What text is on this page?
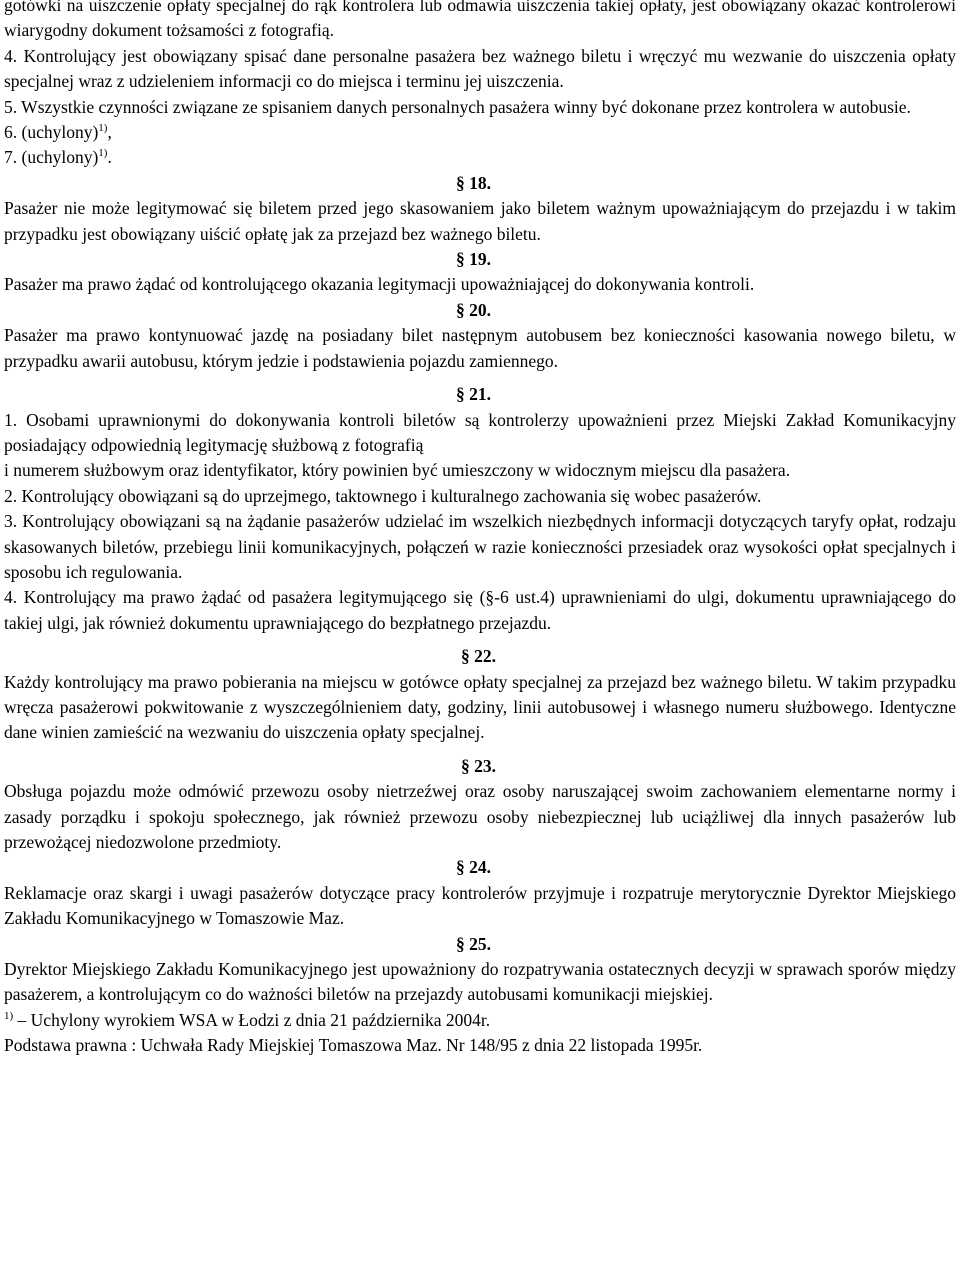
gotówki na uiszczenie opłaty specjalnej do rąk kontrolera lub odmawia uiszczenia takiej opłaty, jest obowiązany okazać kontrolerowi wiarygodny dokument tożsamości z fotografią.

4. Kontrolujący jest obowiązany spisać dane personalne pasażera bez ważnego biletu i wręczyć mu wezwanie do uiszczenia opłaty specjalnej wraz z udzieleniem informacji co do miejsca i terminu jej uiszczenia.

5. Wszystkie czynności związane ze spisaniem danych personalnych pasażera winny być dokonane przez kontrolera w autobusie.

6. (uchylony)$^{1)}$,

7. (uchylony)$^{1)}$.

§ 18.

Pasażer nie może legitymować się biletem przed jego skasowaniem jako biletem ważnym upoważniającym do przejazdu i w takim przypadku jest obowiązany uiścić opłatę jak za przejazd bez ważnego biletu.

§ 19.

Pasażer ma prawo żądać od kontrolującego okazania legitymacji upoważniającej do dokonywania kontroli.

§ 20.

Pasażer ma prawo kontynuować jazdę na posiadany bilet następnym autobusem bez konieczności kasowania nowego biletu, w przypadku awarii autobusu, którym jedzie i podstawienia pojazdu zamiennego.

§ 21.

1. Osobami uprawnionymi do dokonywania kontroli biletów są kontrolerzy upoważnieni przez Miejski Zakład Komunikacyjny posiadający odpowiednią legitymację służbową z fotografią

i numerem służbowym oraz identyfikator, który powinien być umieszczony w widocznym miejscu dla pasażera.

2. Kontrolujący obowiązani są do uprzejmego, taktownego i kulturalnego zachowania się wobec pasażerów.

3. Kontrolujący obowiązani są na żądanie pasażerów udzielać im wszelkich niezbędnych informacji dotyczących taryfy opłat, rodzaju skasowanych biletów, przebiegu linii komunikacyjnych, połączeń w razie konieczności przesiadek oraz wysokości opłat specjalnych i sposobu ich regulowania.

4. Kontrolujący ma prawo żądać od pasażera legitymującego się (§-6 ust.4) uprawnieniami do ulgi, dokumentu uprawniającego do takiej ulgi, jak również dokumentu uprawniającego do bezpłatnego przejazdu.

§ 22.

Każdy kontrolujący ma prawo pobierania na miejscu w gotówce opłaty specjalnej za przejazd bez ważnego biletu. W takim przypadku wręcza pasażerowi pokwitowanie z wyszczególnieniem daty, godziny, linii autobusowej i własnego numeru służbowego. Identyczne dane winien zamieścić na wezwaniu do uiszczenia opłaty specjalnej.

§ 23.

Obsługa pojazdu może odmówić przewozu osoby nietrzeźwej oraz osoby naruszającej swoim zachowaniem elementarne normy i zasady porządku i spokoju społecznego, jak również przewozu osoby niebezpiecznej lub uciążliwej dla innych pasażerów lub przewożącej niedozwolone przedmioty.

§ 24.

Reklamacje oraz skargi i uwagi pasażerów dotyczące pracy kontrolerów przyjmuje i rozpatruje merytorycznie Dyrektor Miejskiego Zakładu Komunikacyjnego w Tomaszowie Maz.

§ 25.

Dyrektor Miejskiego Zakładu Komunikacyjnego jest upoważniony do rozpatrywania ostatecznych decyzji w sprawach sporów między pasażerem, a kontrolującym co do ważności biletów na przejazdy autobusami komunikacji miejskiej.

$^{1)}$ – Uchylony wyrokiem WSA w Łodzi z dnia 21 października 2004r.

Podstawa prawna : Uchwała Rady Miejskiej Tomaszowa Maz. Nr 148/95 z dnia 22 listopada 1995r.
